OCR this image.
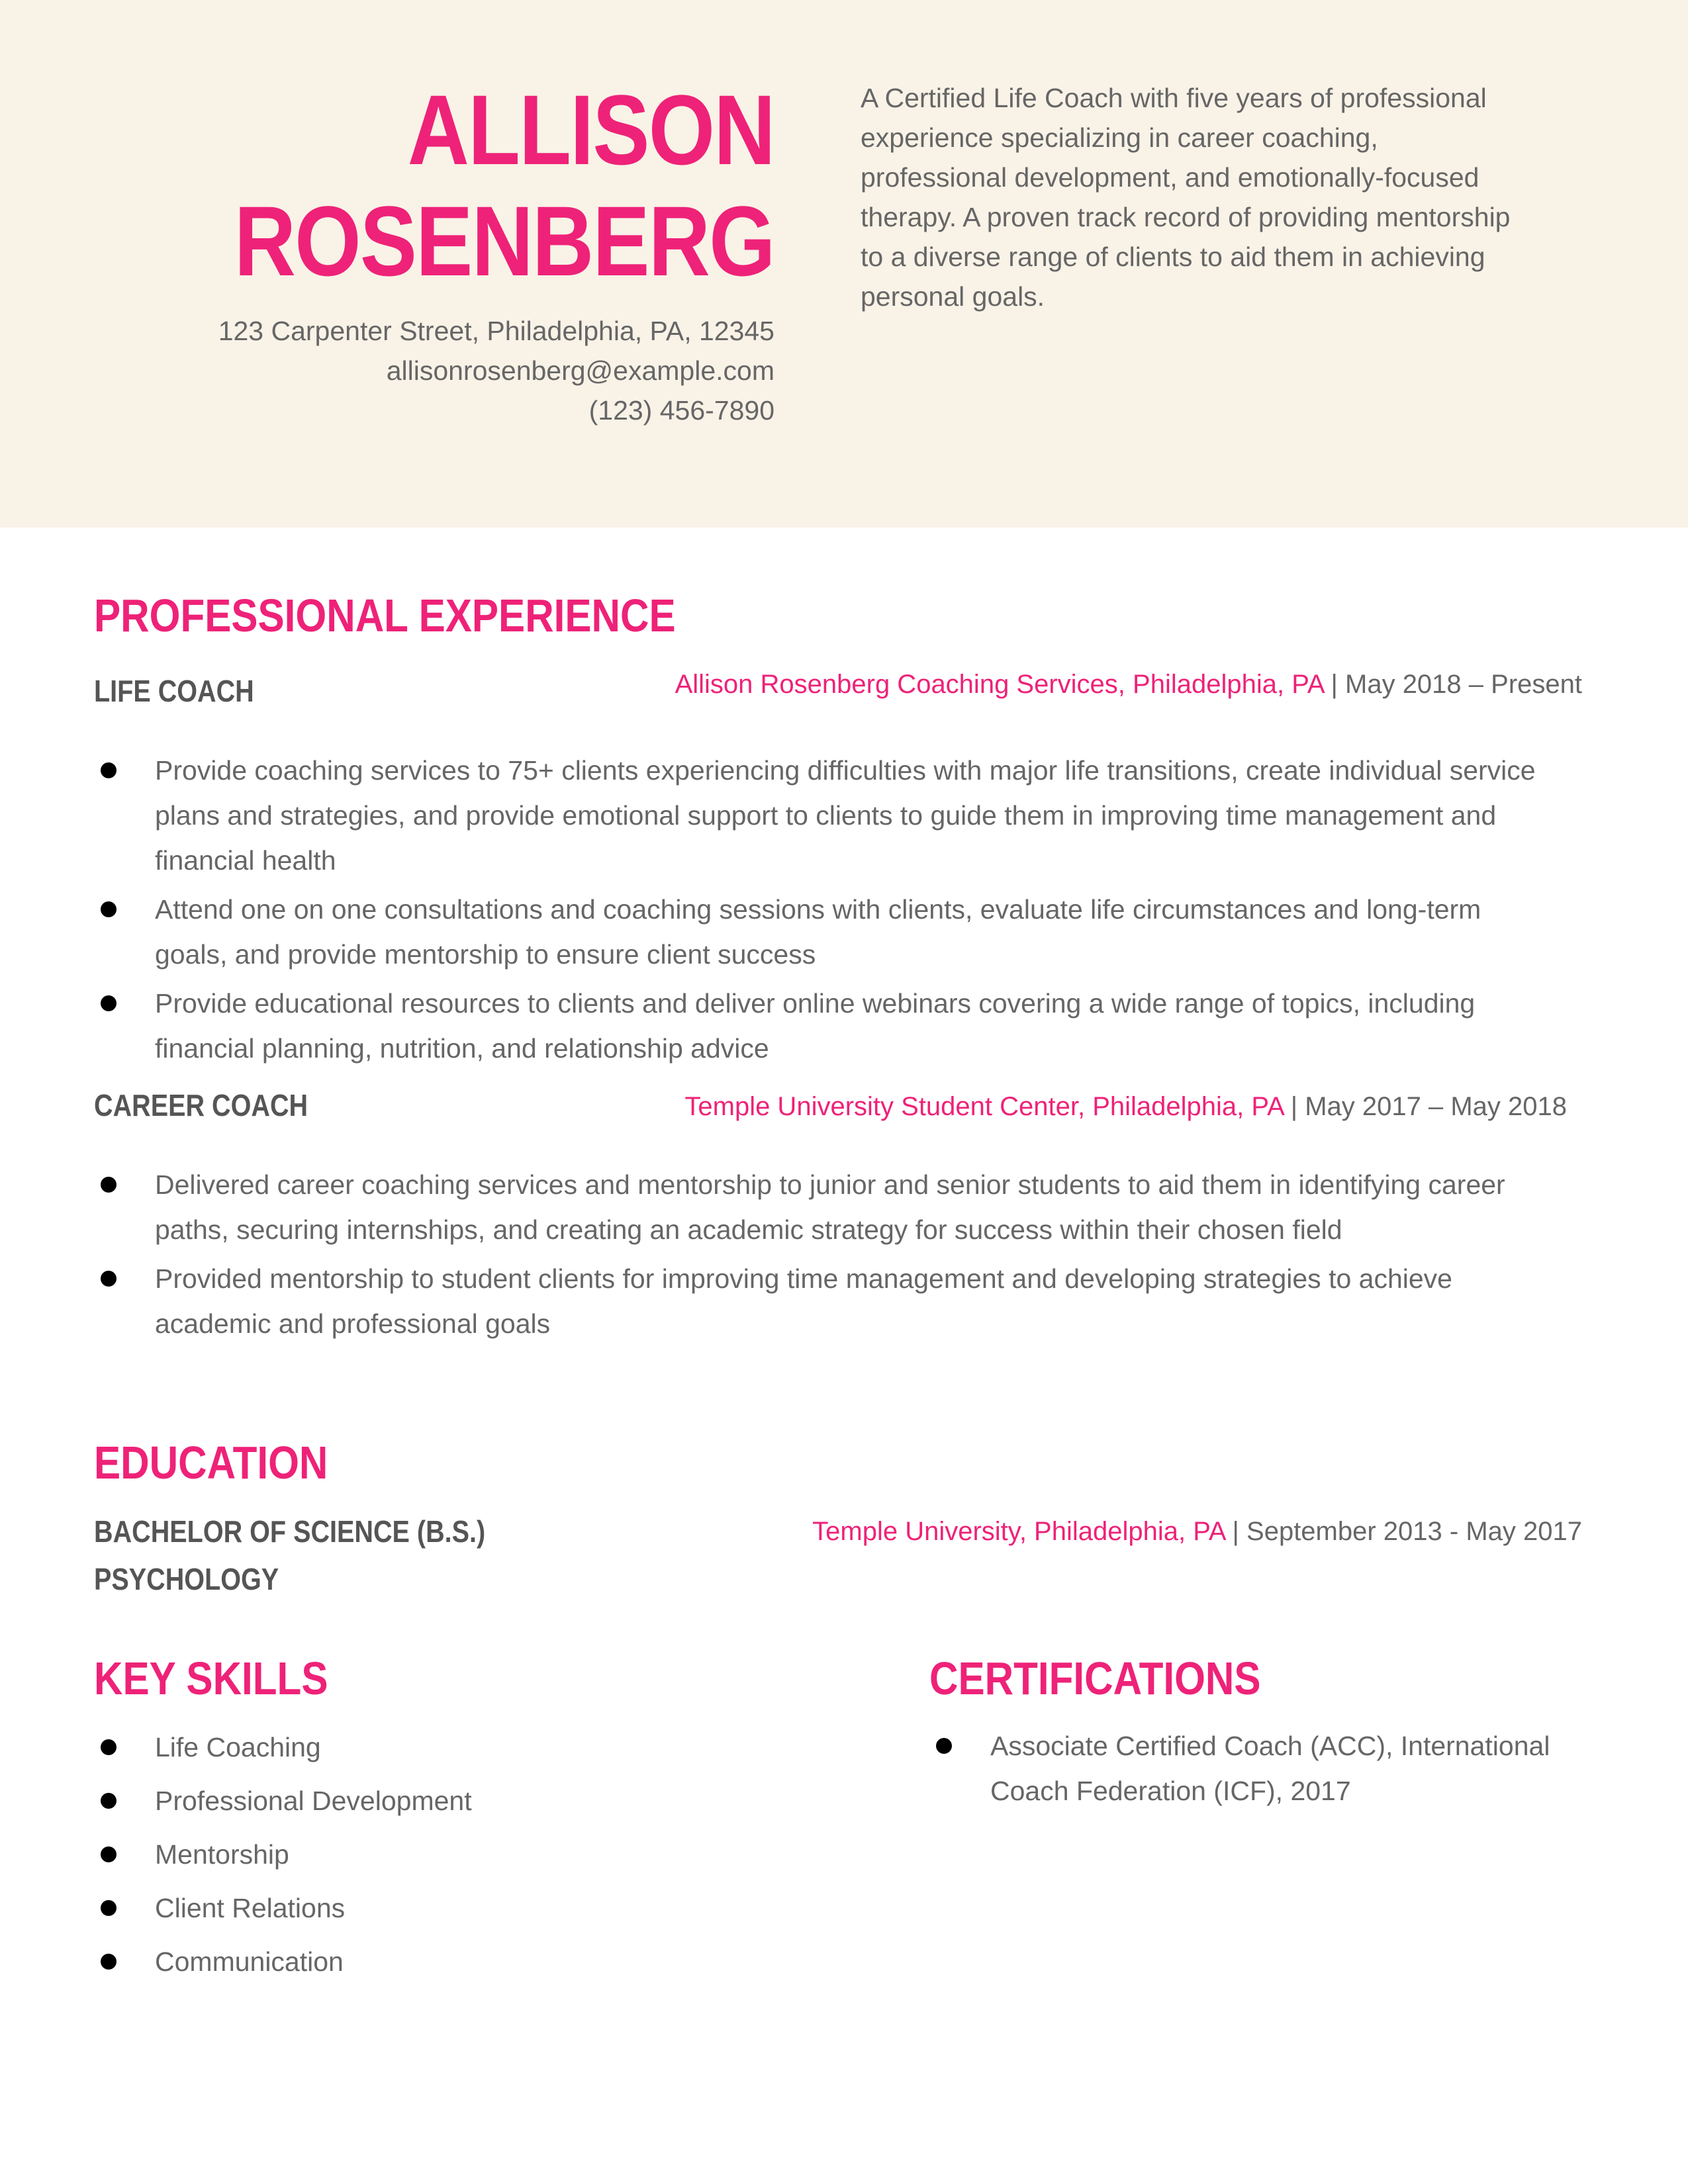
ALLISON
ROSENBERG
123 Carpenter Street, Philadelphia, PA, 12345
allisonrosenberg@example.com
(123) 456-7890
A Certified Life Coach with five years of professional experience specializing in career coaching, professional development, and emotionally-focused therapy. A proven track record of providing mentorship to a diverse range of clients to aid them in achieving personal goals.
PROFESSIONAL EXPERIENCE
LIFE COACH	Allison Rosenberg Coaching Services, Philadelphia, PA | May 2018 – Present
Provide coaching services to 75+ clients experiencing difficulties with major life transitions, create individual service plans and strategies, and provide emotional support to clients to guide them in improving time management and financial health
Attend one on one consultations and coaching sessions with clients, evaluate life circumstances and long-term goals, and provide mentorship to ensure client success
Provide educational resources to clients and deliver online webinars covering a wide range of topics, including financial planning, nutrition, and relationship advice
CAREER COACH	Temple University Student Center, Philadelphia, PA | May 2017 – May 2018
Delivered career coaching services and mentorship to junior and senior students to aid them in identifying career paths, securing internships, and creating an academic strategy for success within their chosen field
Provided mentorship to student clients for improving time management and developing strategies to achieve academic and professional goals
EDUCATION
BACHELOR OF SCIENCE (B.S.)
PSYCHOLOGY
Temple University, Philadelphia, PA | September 2013 - May 2017
KEY SKILLS
Life Coaching
Professional Development
Mentorship
Client Relations
Communication
CERTIFICATIONS
Associate Certified Coach (ACC), International Coach Federation (ICF), 2017
